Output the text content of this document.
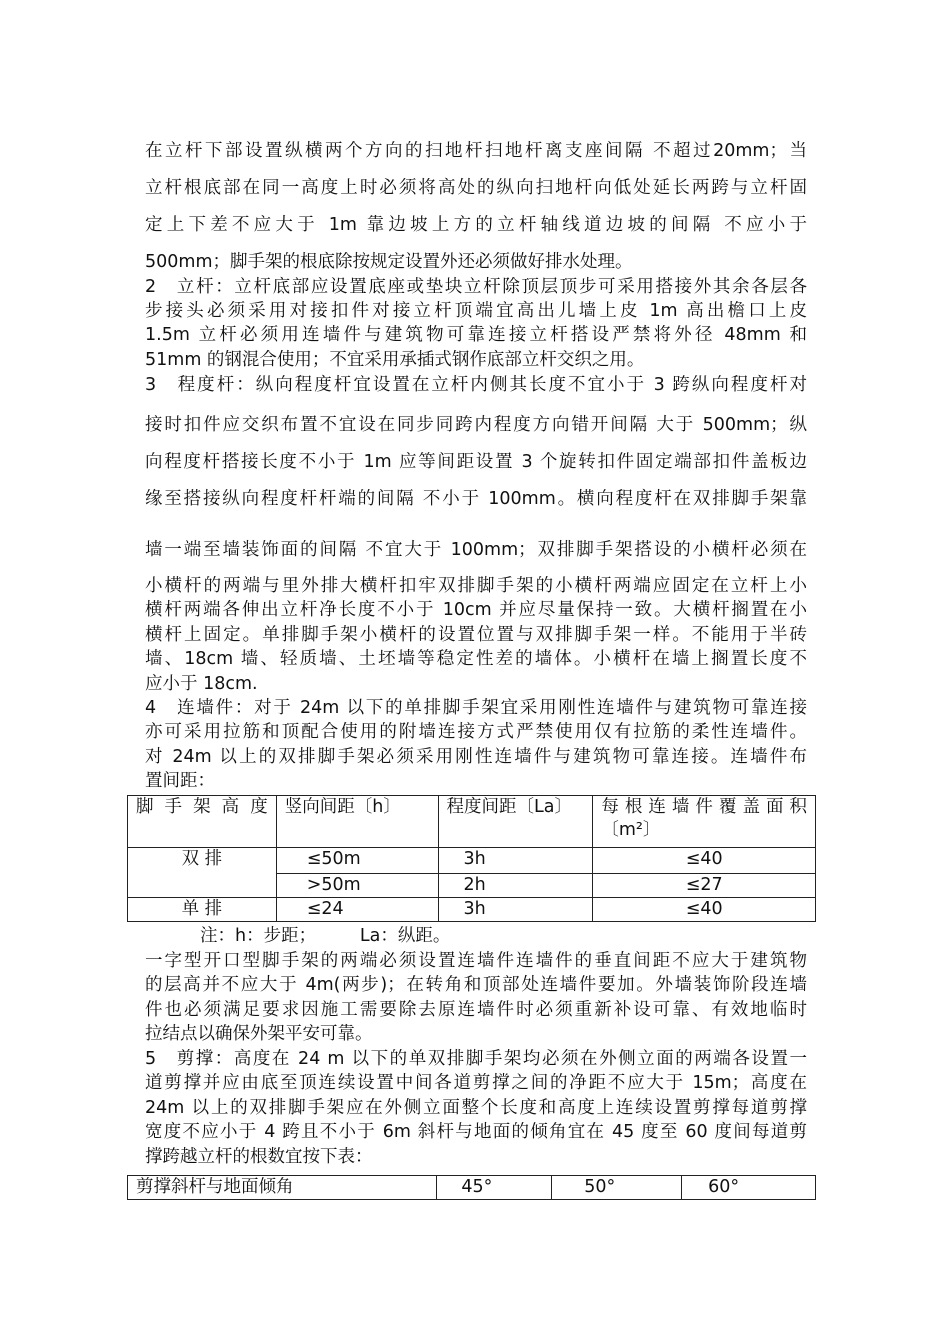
在立杆下部设置纵横两个方向的扫地杆扫地杆离支座间隔 不超过20mm；当
立杆根底部在同一高度上时必须将高处的纵向扫地杆向低处延长两跨与立杆固
定上下差不应大于 1m 靠边坡上方的立杆轴线道边坡的间隔 不应小于
500mm；脚手架的根底除按规定设置外还必须做好排水处理。
2　立杆：立杆底部应设置底座或垫块立杆除顶层顶步可采用搭接外其余各层各
步接头必须采用对接扣件对接立杆顶端宜高出儿墙上皮 1m 高出檐口上皮
1.5m 立杆必须用连墙件与建筑物可靠连接立杆搭设严禁将外径 48mm 和
51mm 的钢混合使用；不宜采用承插式钢作底部立杆交织之用。
3　程度杆：纵向程度杆宜设置在立杆内侧其长度不宜小于 3 跨纵向程度杆对
接时扣件应交织布置不宜设在同步同跨内程度方向错开间隔 大于 500mm；纵
向程度杆搭接长度不小于 1m 应等间距设置 3 个旋转扣件固定端部扣件盖板边
缘至搭接纵向程度杆杆端的间隔 不小于 100mm。横向程度杆在双排脚手架靠
墙一端至墙装饰面的间隔 不宜大于 100mm；双排脚手架搭设的小横杆必须在
小横杆的两端与里外排大横杆扣牢双排脚手架的小横杆两端应固定在立杆上小
横杆两端各伸出立杆净长度不小于 10cm 并应尽量保持一致。大横杆搁置在小
横杆上固定。单排脚手架小横杆的设置位置与双排脚手架一样。不能用于半砖
墙、18cm 墙、轻质墙、土坯墙等稳定性差的墙体。小横杆在墙上搁置长度不
应小于 18cm.
4　连墙件：对于 24m 以下的单排脚手架宜采用刚性连墙件与建筑物可靠连接
亦可采用拉筋和顶配合使用的附墙连接方式严禁使用仅有拉筋的柔性连墙件。
对 24m 以上的双排脚手架必须采用刚性连墙件与建筑物可靠连接。连墙件布
置间距：
脚手架高度	竖向间距〔h〕	程度间距〔La〕	每根连墙件覆盖面积
〔m²〕

双 排	≤50m	3h	≤40
	>50m	2h	≤27
单 排	≤24	3h	≤40
注：h：步距；　　　La：纵距。
一字型开口型脚手架的两端必须设置连墙件连墙件的垂直间距不应大于建筑物
的层高并不应大于 4m(两步)；在转角和顶部处连墙件要加。外墙装饰阶段连墙
件也必须满足要求因施工需要除去原连墙件时必须重新补设可靠、有效地临时
拉结点以确保外架平安可靠。
5　剪撑：高度在 24 m 以下的单双排脚手架均必须在外侧立面的两端各设置一
道剪撑并应由底至顶连续设置中间各道剪撑之间的净距不应大于 15m；高度在
24m 以上的双排脚手架应在外侧立面整个长度和高度上连续设置剪撑每道剪撑
宽度不应小于 4 跨且不小于 6m 斜杆与地面的倾角宜在 45 度至 60 度间每道剪
撑跨越立杆的根数宜按下表：
剪撑斜杆与地面倾角	45°	50°	60°
